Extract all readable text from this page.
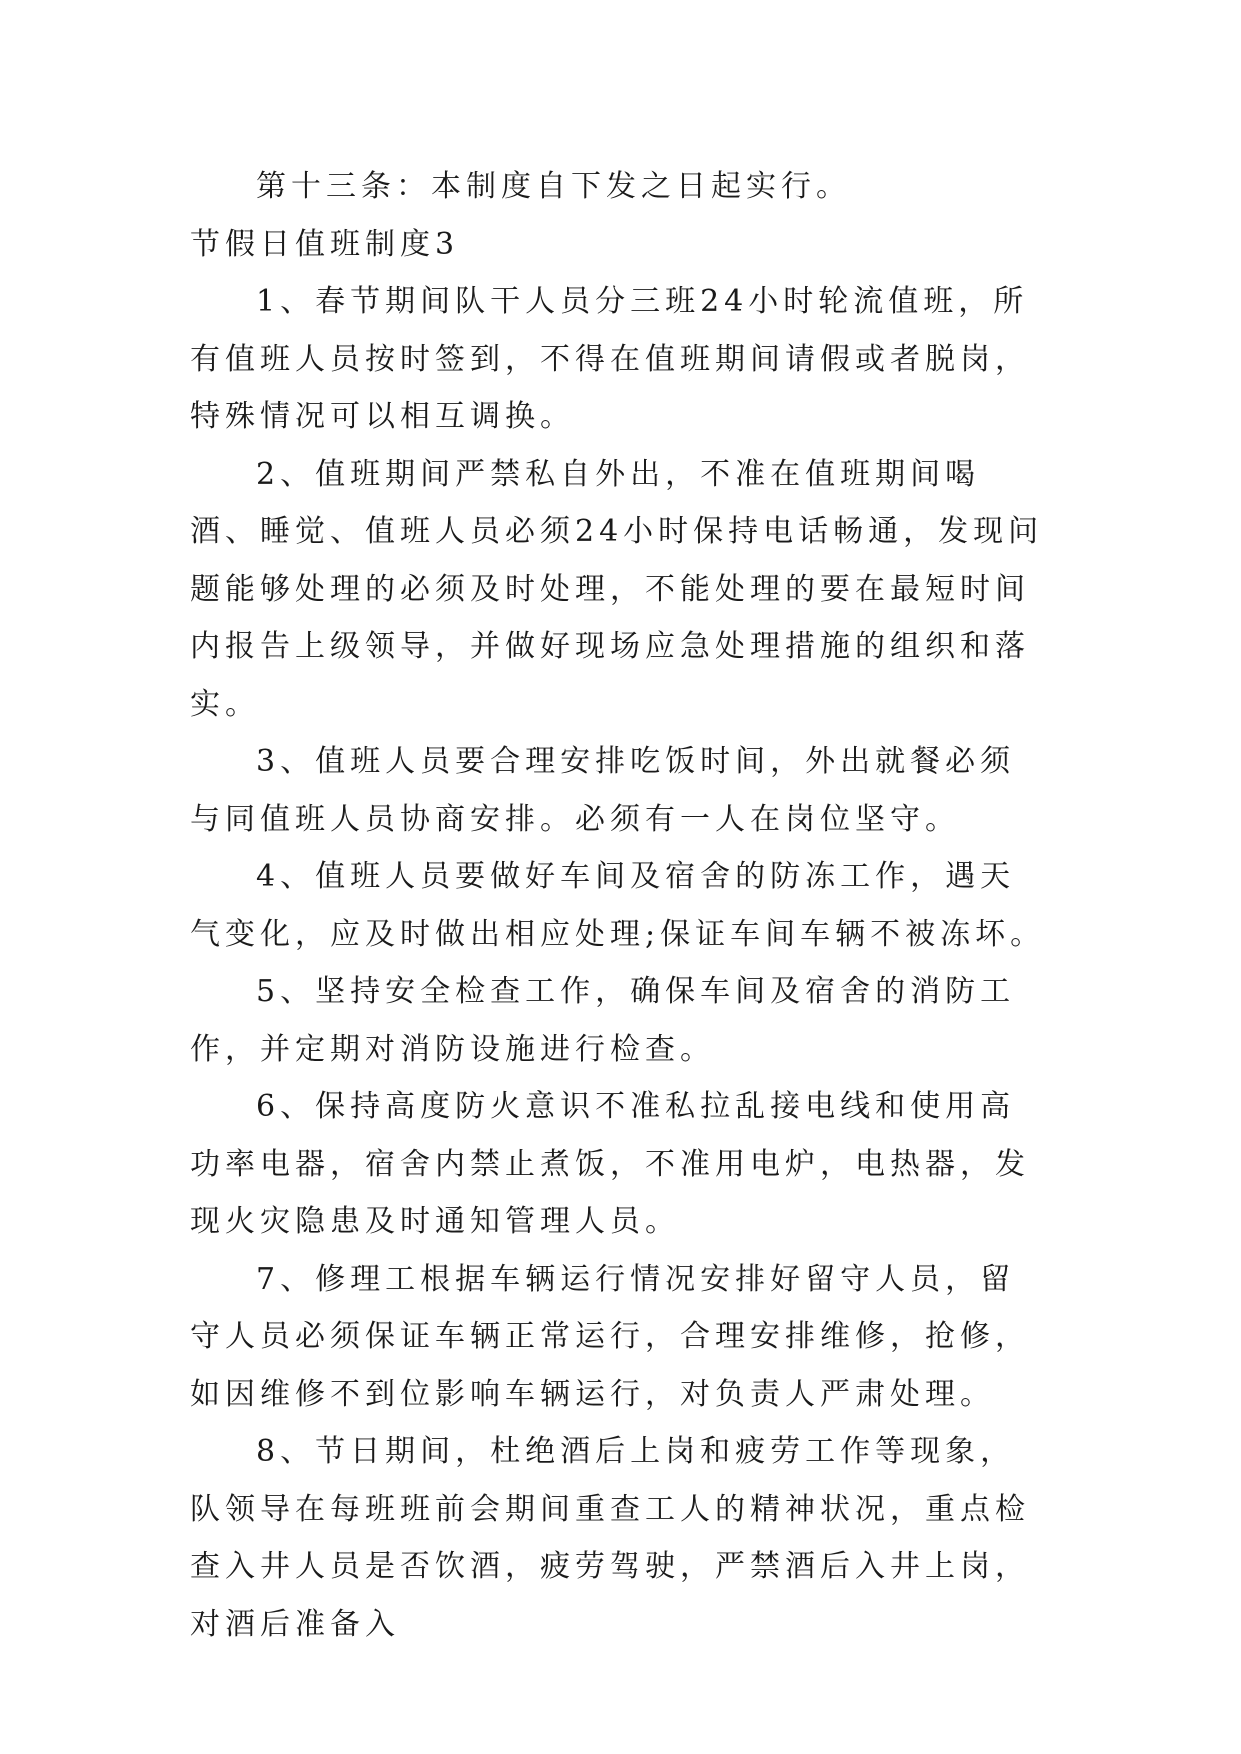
第十三条：本制度自下发之日起实行。

节假日值班制度3

1、春节期间队干人员分三班24小时轮流值班，所有值班人员按时签到，不得在值班期间请假或者脱岗，特殊情况可以相互调换。

2、值班期间严禁私自外出，不准在值班期间喝酒、睡觉、值班人员必须24小时保持电话畅通，发现问题能够处理的必须及时处理，不能处理的要在最短时间内报告上级领导，并做好现场应急处理措施的组织和落实。

3、值班人员要合理安排吃饭时间，外出就餐必须与同值班人员协商安排。必须有一人在岗位坚守。

4、值班人员要做好车间及宿舍的防冻工作，遇天气变化，应及时做出相应处理;保证车间车辆不被冻坏。

5、坚持安全检查工作，确保车间及宿舍的消防工作，并定期对消防设施进行检查。

6、保持高度防火意识不准私拉乱接电线和使用高功率电器，宿舍内禁止煮饭，不准用电炉，电热器，发现火灾隐患及时通知管理人员。

7、修理工根据车辆运行情况安排好留守人员，留守人员必须保证车辆正常运行，合理安排维修，抢修，如因维修不到位影响车辆运行，对负责人严肃处理。

8、节日期间，杜绝酒后上岗和疲劳工作等现象，队领导在每班班前会期间重查工人的精神状况，重点检查入井人员是否饮酒，疲劳驾驶，严禁酒后入井上岗，对酒后准备入
